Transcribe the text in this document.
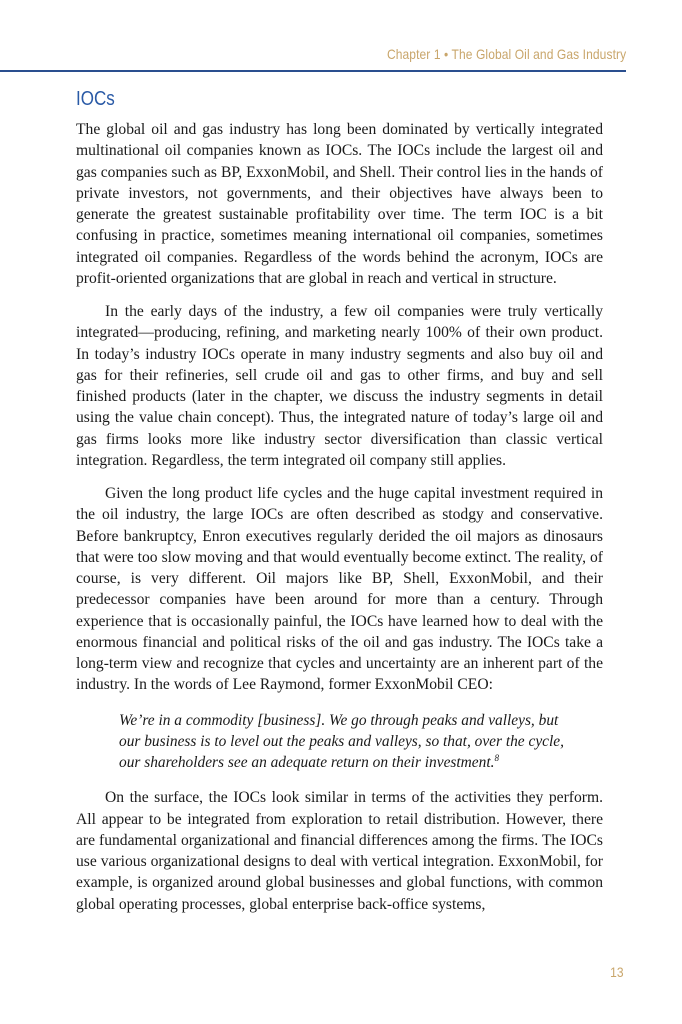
Chapter 1 • The Global Oil and Gas Industry
IOCs

The global oil and gas industry has long been dominated by vertically integrated multinational oil companies known as IOCs. The IOCs include the largest oil and gas companies such as BP, ExxonMobil, and Shell. Their control lies in the hands of private investors, not governments, and their objectives have always been to generate the greatest sustainable profitability over time. The term IOC is a bit confusing in practice, sometimes meaning international oil companies, sometimes integrated oil companies. Regardless of the words behind the acronym, IOCs are profit-oriented organizations that are global in reach and vertical in structure.

In the early days of the industry, a few oil companies were truly vertically integrated—producing, refining, and marketing nearly 100% of their own product. In today’s industry IOCs operate in many industry segments and also buy oil and gas for their refineries, sell crude oil and gas to other firms, and buy and sell finished products (later in the chapter, we discuss the industry segments in detail using the value chain concept). Thus, the integrated nature of today’s large oil and gas firms looks more like industry sector diversification than classic vertical integration. Regardless, the term integrated oil company still applies.

Given the long product life cycles and the huge capital investment required in the oil industry, the large IOCs are often described as stodgy and conservative. Before bankruptcy, Enron executives regularly derided the oil majors as dinosaurs that were too slow moving and that would eventually become extinct. The reality, of course, is very different. Oil majors like BP, Shell, ExxonMobil, and their predecessor companies have been around for more than a century. Through experience that is occasionally painful, the IOCs have learned how to deal with the enormous financial and political risks of the oil and gas industry. The IOCs take a long-term view and recognize that cycles and uncertainty are an inherent part of the industry. In the words of Lee Raymond, former ExxonMobil CEO:

We’re in a commodity [business]. We go through peaks and valleys, but our business is to level out the peaks and valleys, so that, over the cycle, our shareholders see an adequate return on their investment.$^8$

On the surface, the IOCs look similar in terms of the activities they perform. All appear to be integrated from exploration to retail distribution. However, there are fundamental organizational and financial differences among the firms. The IOCs use various organizational designs to deal with vertical integration. ExxonMobil, for example, is organized around global businesses and global functions, with common global operating processes, global enterprise back-office systems,

13
